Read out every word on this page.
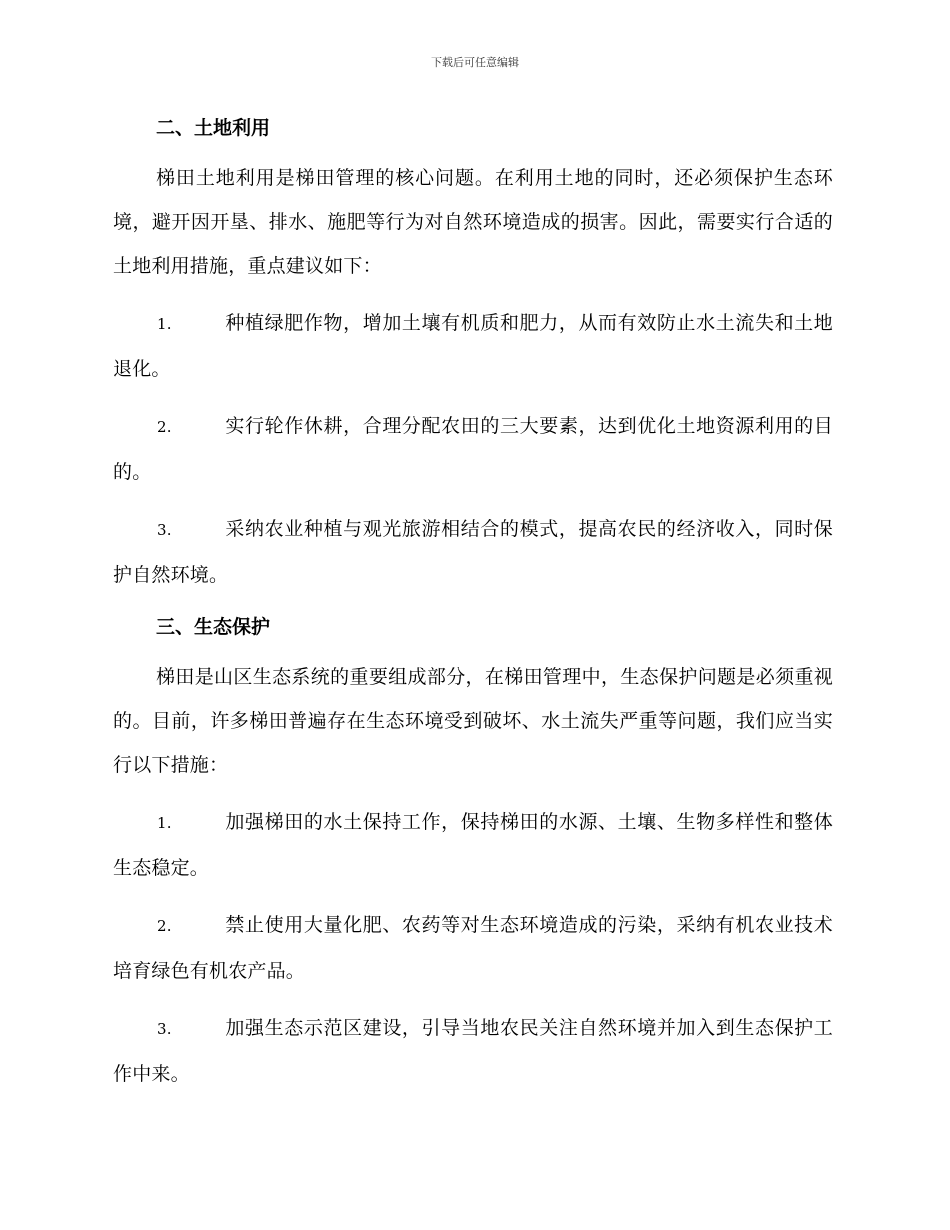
下载后可任意编辑
二、土地利用

梯田土地利用是梯田管理的核心问题。在利用土地的同时，还必须保护生态环境，避开因开垦、排水、施肥等行为对自然环境造成的损害。因此，需要实行合适的土地利用措施，重点建议如下：

1.	种植绿肥作物，增加土壤有机质和肥力，从而有效防止水土流失和土地退化。

2.	实行轮作休耕，合理分配农田的三大要素，达到优化土地资源利用的目的。

3.	采纳农业种植与观光旅游相结合的模式，提高农民的经济收入，同时保护自然环境。

三、生态保护

梯田是山区生态系统的重要组成部分，在梯田管理中，生态保护问题是必须重视的。目前，许多梯田普遍存在生态环境受到破坏、水土流失严重等问题，我们应当实行以下措施：

1.	加强梯田的水土保持工作，保持梯田的水源、土壤、生物多样性和整体生态稳定。

2.	禁止使用大量化肥、农药等对生态环境造成的污染，采纳有机农业技术培育绿色有机农产品。

3.	加强生态示范区建设，引导当地农民关注自然环境并加入到生态保护工作中来。
